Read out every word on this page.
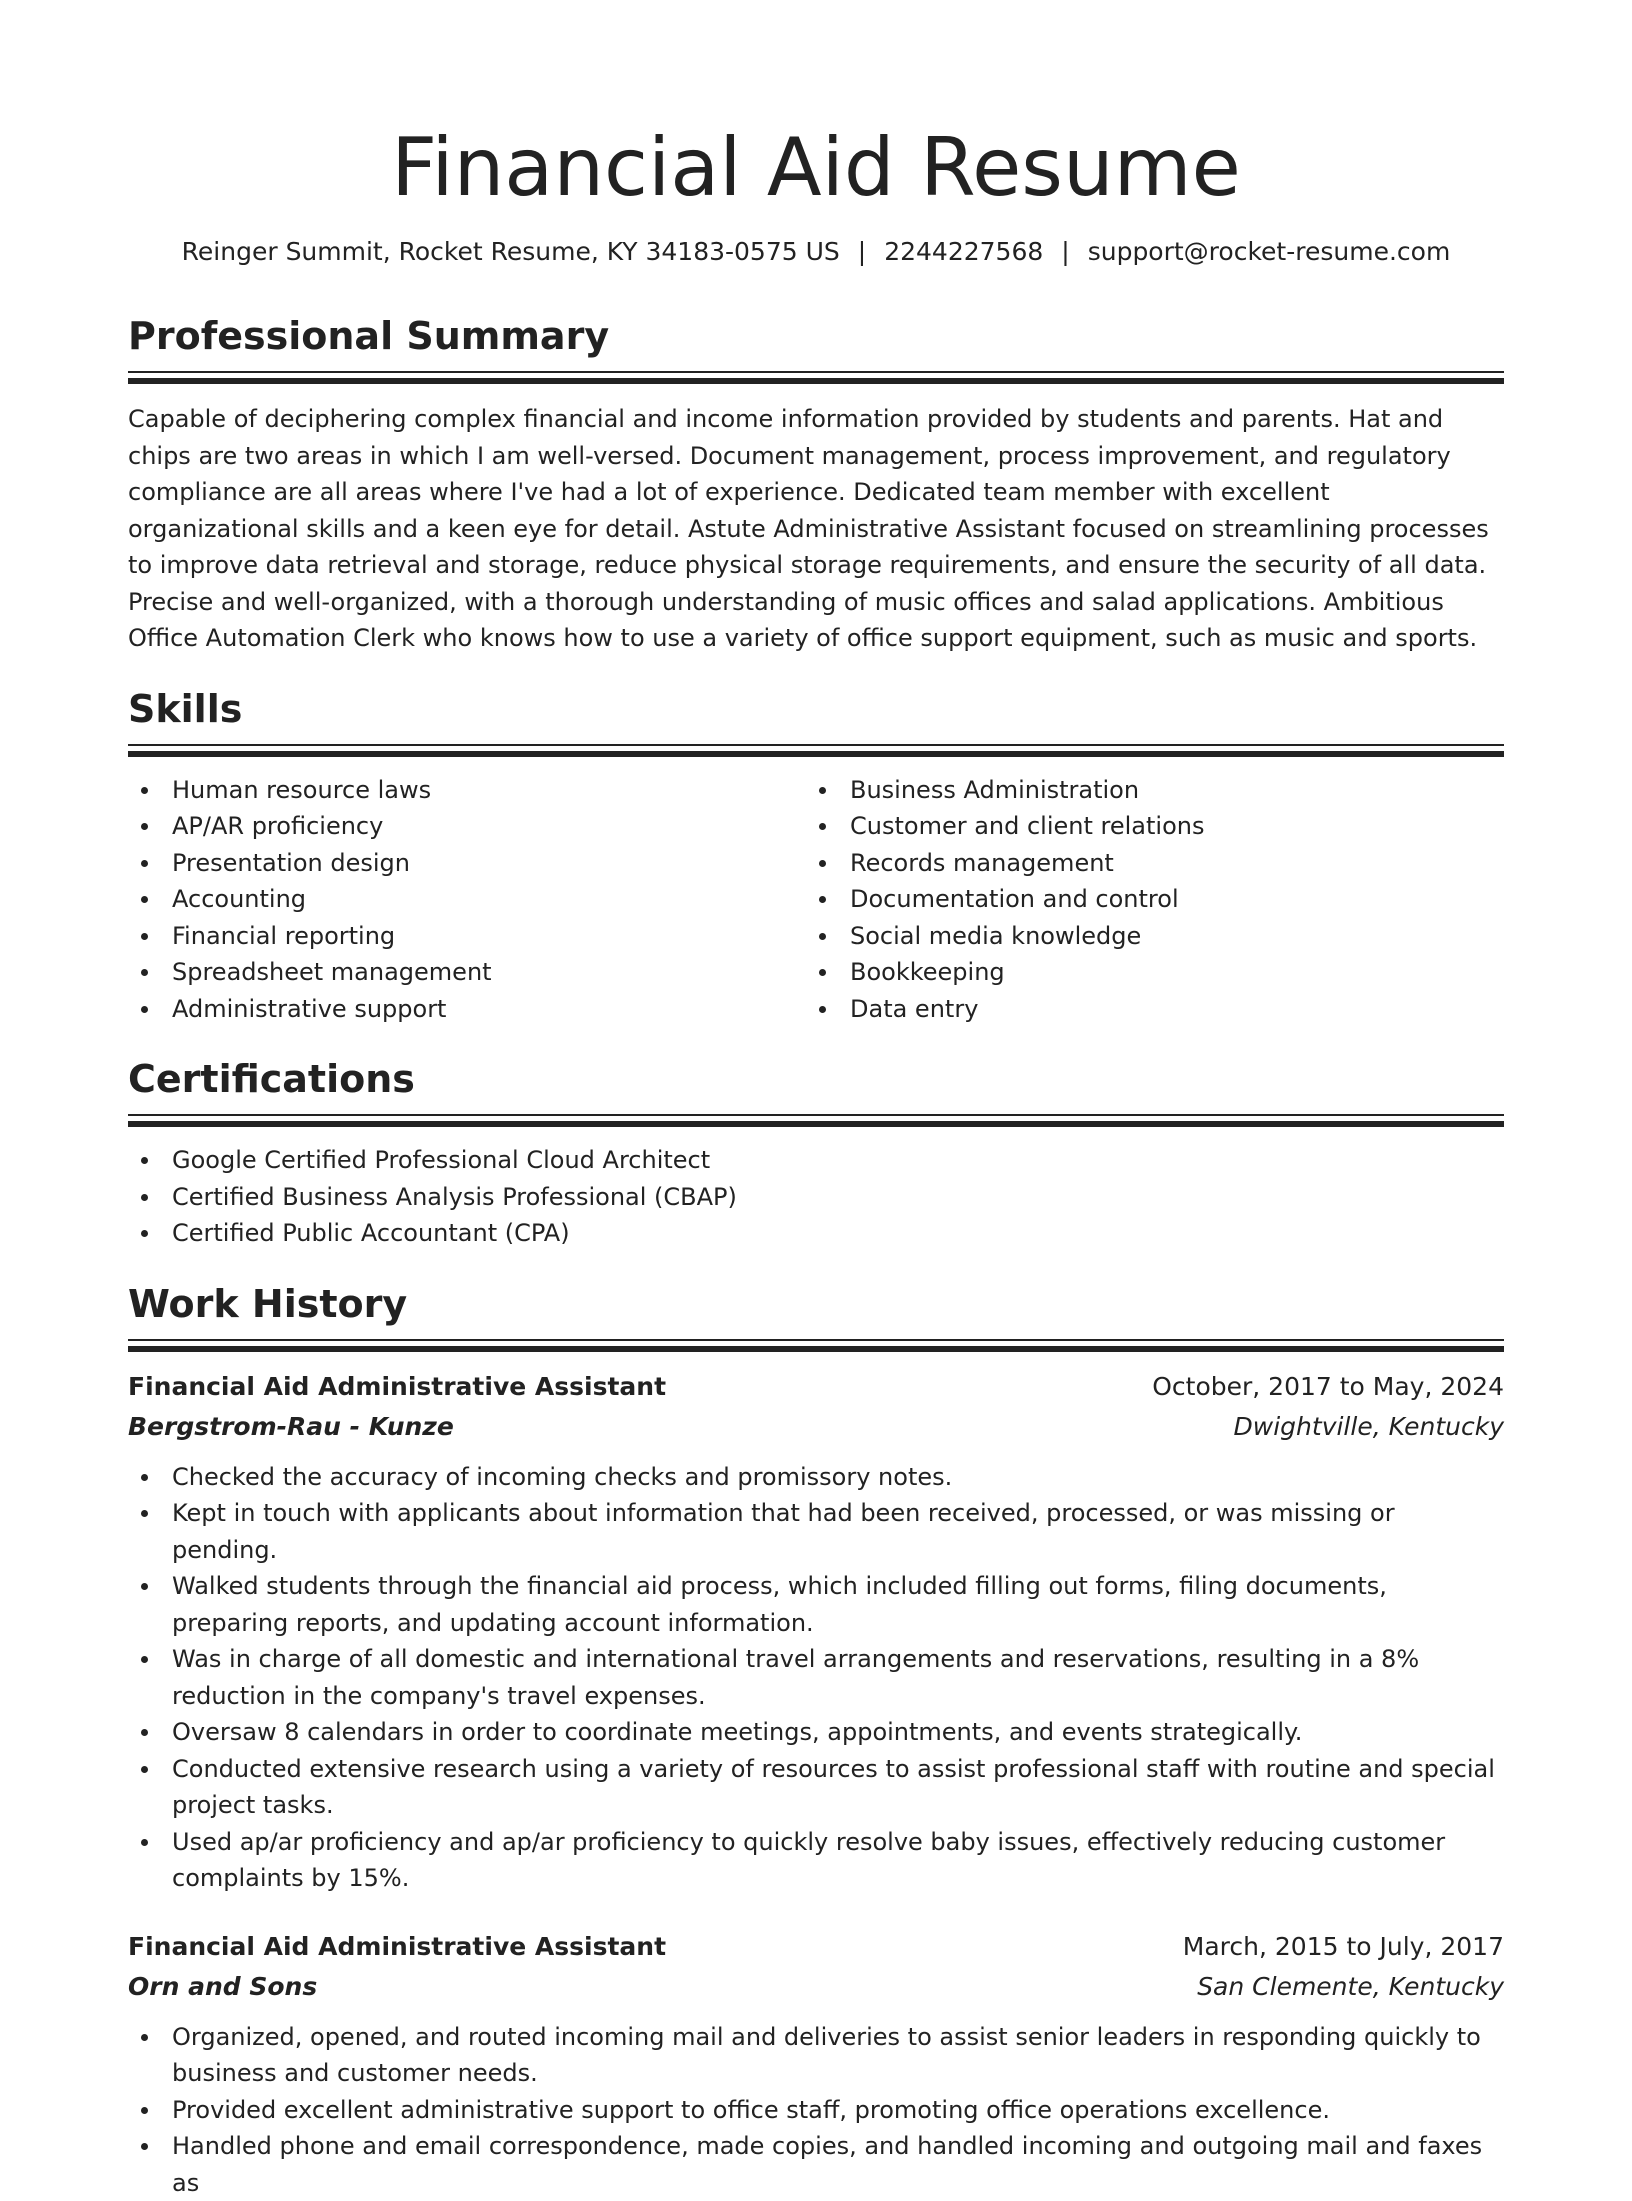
Financial Aid Resume
Reinger Summit, Rocket Resume, KY 34183-0575 US | 2244227568 | support@rocket-resume.com
Professional Summary
Capable of deciphering complex financial and income information provided by students and parents. Hat and chips are two areas in which I am well-versed. Document management, process improvement, and regulatory compliance are all areas where I've had a lot of experience. Dedicated team member with excellent organizational skills and a keen eye for detail. Astute Administrative Assistant focused on streamlining processes to improve data retrieval and storage, reduce physical storage requirements, and ensure the security of all data. Precise and well-organized, with a thorough understanding of music offices and salad applications. Ambitious Office Automation Clerk who knows how to use a variety of office support equipment, such as music and sports.
Skills
Human resource laws
AP/AR proficiency
Presentation design
Accounting
Financial reporting
Spreadsheet management
Administrative support
Business Administration
Customer and client relations
Records management
Documentation and control
Social media knowledge
Bookkeeping
Data entry
Certifications
Google Certified Professional Cloud Architect
Certified Business Analysis Professional (CBAP)
Certified Public Accountant (CPA)
Work History
Financial Aid Administrative Assistant	October, 2017 to May, 2024
Bergstrom-Rau - Kunze	Dwightville, Kentucky
Checked the accuracy of incoming checks and promissory notes.
Kept in touch with applicants about information that had been received, processed, or was missing or pending.
Walked students through the financial aid process, which included filling out forms, filing documents, preparing reports, and updating account information.
Was in charge of all domestic and international travel arrangements and reservations, resulting in a 8% reduction in the company's travel expenses.
Oversaw 8 calendars in order to coordinate meetings, appointments, and events strategically.
Conducted extensive research using a variety of resources to assist professional staff with routine and special project tasks.
Used ap/ar proficiency and ap/ar proficiency to quickly resolve baby issues, effectively reducing customer complaints by 15%.
Financial Aid Administrative Assistant	March, 2015 to July, 2017
Orn and Sons	San Clemente, Kentucky
Organized, opened, and routed incoming mail and deliveries to assist senior leaders in responding quickly to business and customer needs.
Provided excellent administrative support to office staff, promoting office operations excellence.
Handled phone and email correspondence, made copies, and handled incoming and outgoing mail and faxes as
